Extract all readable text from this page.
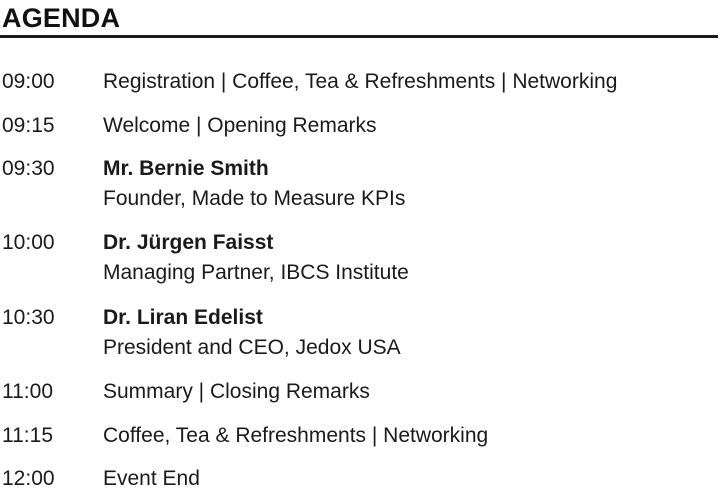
AGENDA
09:00 Registration | Coffee, Tea & Refreshments | Networking
09:15 Welcome | Opening Remarks
09:30 Mr. Bernie Smith
Founder, Made to Measure KPIs
10:00 Dr. Jürgen Faisst
Managing Partner, IBCS Institute
10:30 Dr. Liran Edelist
President and CEO, Jedox USA
11:00 Summary | Closing Remarks
11:15 Coffee, Tea & Refreshments | Networking
12:00 Event End
